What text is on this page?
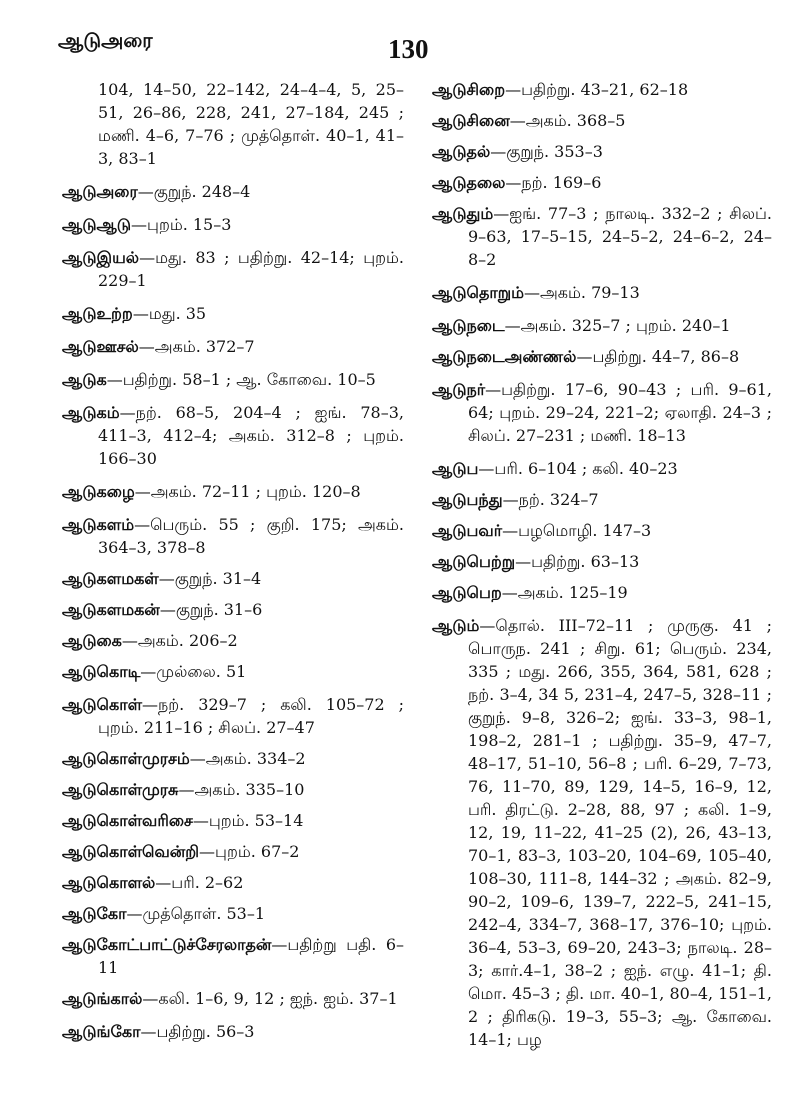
ஆடுஅரை	130

104, 14–50, 22–142, 24–4–4, 5, 25–51, 26–86, 228, 241, 27–184, 245 ; மணி. 4–6, 7–76 ; முத்தொள். 40–1, 41–3, 83–1

ஆடுஅரை—குறுந். 248–4

ஆடுஆடு—புறம். 15–3

ஆடுஇயல்—மது. 83 ; பதிற்று. 42–14; புறம். 229–1

ஆடுஉற்ற—மது. 35

ஆடுஊசல்—அகம். 372–7

ஆடுக—பதிற்று. 58–1 ; ஆ. கோவை. 10–5

ஆடுகம்—நற். 68–5, 204–4 ; ஐங். 78–3, 411–3, 412–4; அகம். 312–8 ; புறம். 166–30

ஆடுகழை—அகம். 72–11 ; புறம். 120–8

ஆடுகளம்—பெரும். 55 ; குறி. 175; அகம். 364–3, 378–8

ஆடுகளமகள்—குறுந். 31–4

ஆடுகளமகன்—குறுந். 31–6

ஆடுகை—அகம். 206–2

ஆடுகொடி—முல்லை. 51

ஆடுகொள்—நற். 329–7 ; கலி. 105–72 ; புறம். 211–16 ; சிலப். 27–47

ஆடுகொள்முரசம்—அகம். 334–2

ஆடுகொள்முரசு—அகம். 335–10

ஆடுகொள்வரிசை—புறம். 53–14

ஆடுகொள்வென்றி—புறம். 67–2

ஆடுகொளல்—பரி. 2–62

ஆடுகோ—முத்தொள். 53–1

ஆடுகோட்பாட்டுச்சேரலாதன்—பதிற்று பதி. 6–11

ஆடுங்கால்—கலி. 1–6, 9, 12 ; ஐந். ஐம். 37–1

ஆடுங்கோ—பதிற்று. 56–3

ஆடுசிறை—பதிற்று. 43–21, 62–18

ஆடுசினை—அகம். 368–5

ஆடுதல்—குறுந். 353–3

ஆடுதலை—நற். 169–6

ஆடுதும்—ஐங். 77–3 ; நாலடி. 332–2 ; சிலப். 9–63, 17–5–15, 24–5–2, 24–6–2, 24–8–2

ஆடுதொறும்—அகம். 79–13

ஆடுநடை—அகம். 325–7 ; புறம். 240–1

ஆடுநடைஅண்ணல்—பதிற்று. 44–7, 86–8

ஆடுநர்—பதிற்று. 17–6, 90–43 ; பரி. 9–61, 64; புறம். 29–24, 221–2; ஏலாதி. 24–3 ; சிலப். 27–231 ; மணி. 18–13

ஆடுப—பரி. 6–104 ; கலி. 40–23

ஆடுபந்து—நற். 324–7

ஆடுபவர்—பழமொழி. 147–3

ஆடுபெற்று—பதிற்று. 63–13

ஆடுபெற—அகம். 125–19

ஆடும்—தொல். III–72–11 ; முருகு. 41 ; பொருந. 241 ; சிறு. 61; பெரும். 234, 335 ; மது. 266, 355, 364, 581, 628 ; நற். 3–4, 34 5, 231–4, 247–5, 328–11 ; குறுந். 9–8, 326–2; ஐங். 33–3, 98–1, 198–2, 281–1 ; பதிற்று. 35–9, 47–7, 48–17, 51–10, 56–8 ; பரி. 6–29, 7–73, 76, 11–70, 89, 129, 14–5, 16–9, 12, பரி. திரட்டு. 2–28, 88, 97 ; கலி. 1–9, 12, 19, 11–22, 41–25 (2), 26, 43–13, 70–1, 83–3, 103–20, 104–69, 105–40, 108–30, 111–8, 144–32 ; அகம். 82–9, 90–2, 109–6, 139–7, 222–5, 241–15, 242–4, 334–7, 368–17, 376–10; புறம். 36–4, 53–3, 69–20, 243–3; நாலடி. 28–3; கார்.4–1, 38–2 ; ஐந். எழு. 41–1; தி. மொ. 45–3 ; தி. மா. 40–1, 80–4, 151–1, 2 ; திரிகடு. 19–3, 55–3; ஆ. கோவை. 14–1; பழ
